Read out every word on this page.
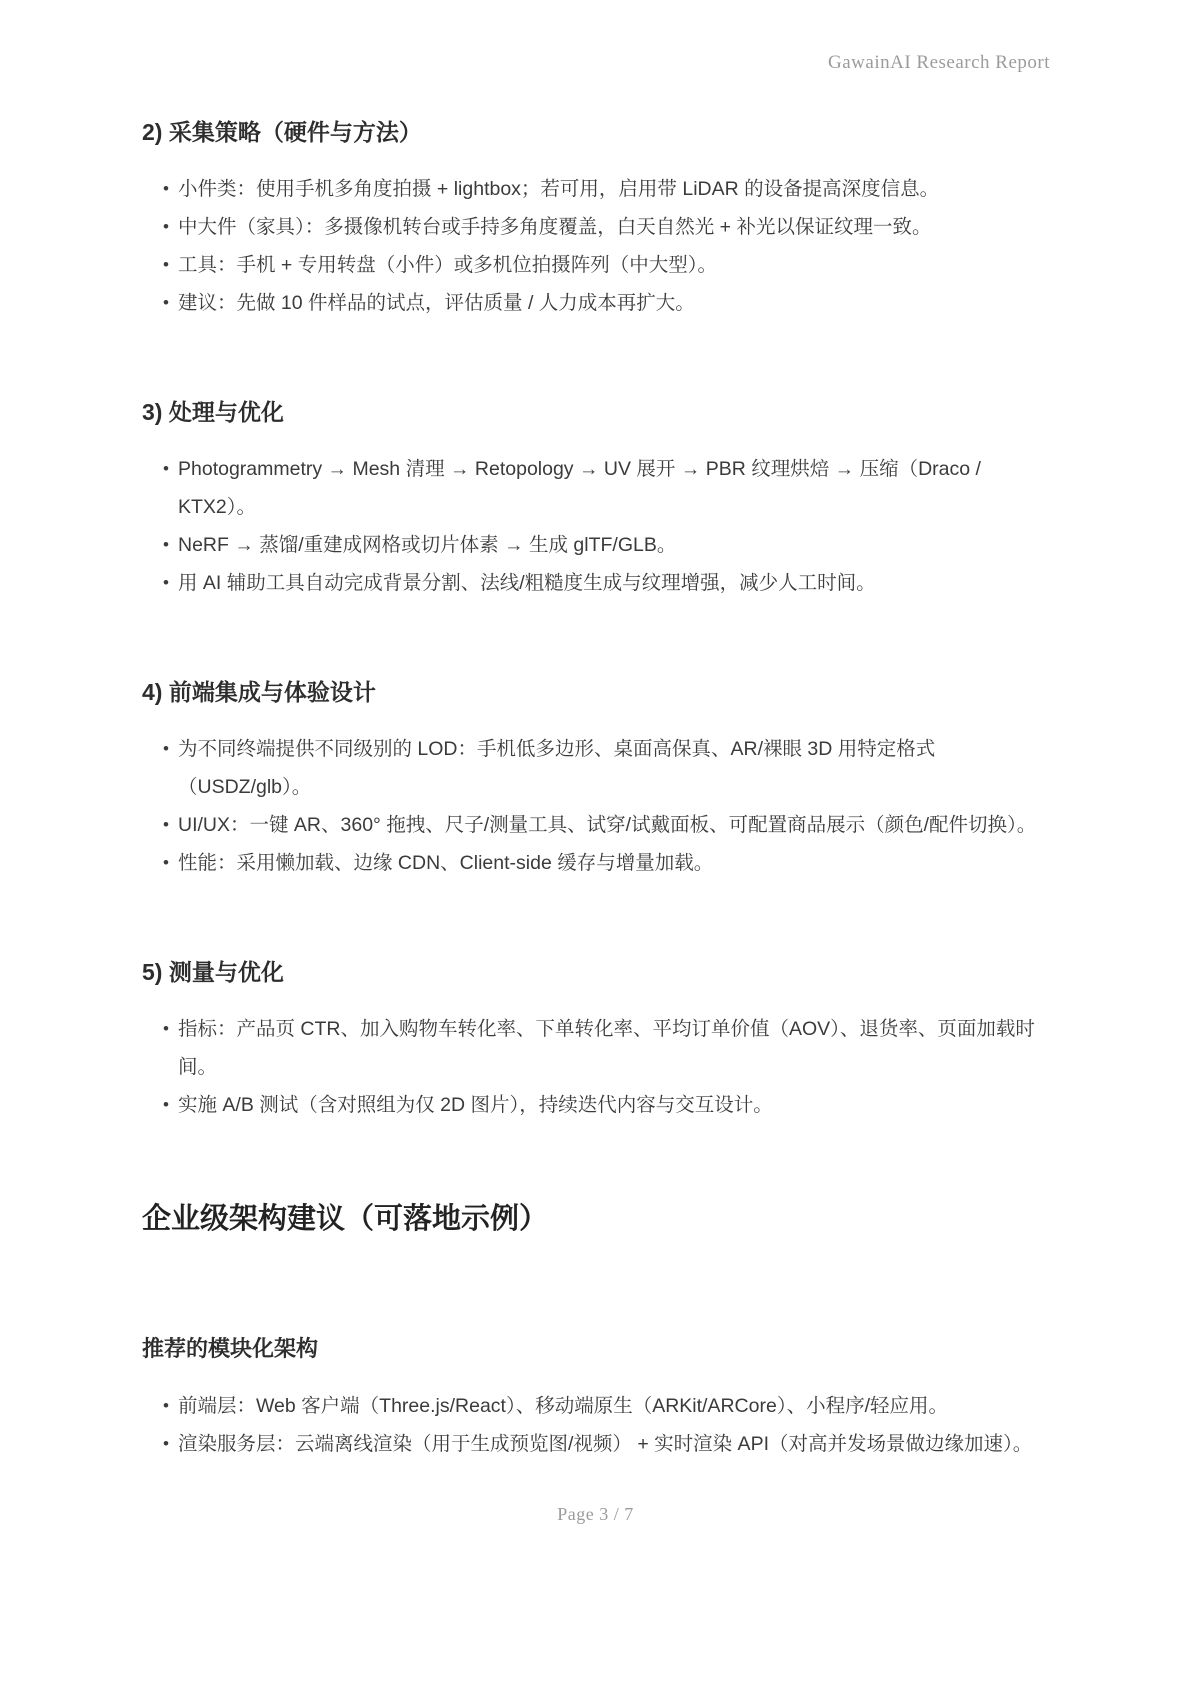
GawainAI Research Report
2) 采集策略（硬件与方法）
• 小件类：使用手机多角度拍摄 + lightbox；若可用，启用带 LiDAR 的设备提高深度信息。
• 中大件（家具）：多摄像机转台或手持多角度覆盖，白天自然光 + 补光以保证纹理一致。
• 工具：手机 + 专用转盘（小件）或多机位拍摄阵列（中大型）。
• 建议：先做 10 件样品的试点，评估质量 / 人力成本再扩大。
3) 处理与优化
• Photogrammetry → Mesh 清理 → Retopology → UV 展开 → PBR 纹理烘焙 → 压缩（Draco / KTX2）。
• NeRF → 蒸馏/重建成网格或切片体素 → 生成 glTF/GLB。
• 用 AI 辅助工具自动完成背景分割、法线/粗糙度生成与纹理增强，减少人工时间。
4) 前端集成与体验设计
• 为不同终端提供不同级别的 LOD：手机低多边形、桌面高保真、AR/裸眼 3D 用特定格式（USDZ/glb）。
• UI/UX：一键 AR、360° 拖拽、尺子/测量工具、试穿/试戴面板、可配置商品展示（颜色/配件切换）。
• 性能：采用懒加载、边缘 CDN、Client-side 缓存与增量加载。
5) 测量与优化
• 指标：产品页 CTR、加入购物车转化率、下单转化率、平均订单价值（AOV）、退货率、页面加载时间。
• 实施 A/B 测试（含对照组为仅 2D 图片），持续迭代内容与交互设计。
企业级架构建议（可落地示例）
推荐的模块化架构
• 前端层：Web 客户端（Three.js/React）、移动端原生（ARKit/ARCore）、小程序/轻应用。
• 渲染服务层：云端离线渲染（用于生成预览图/视频） + 实时渲染 API（对高并发场景做边缘加速）。
Page 3 / 7
